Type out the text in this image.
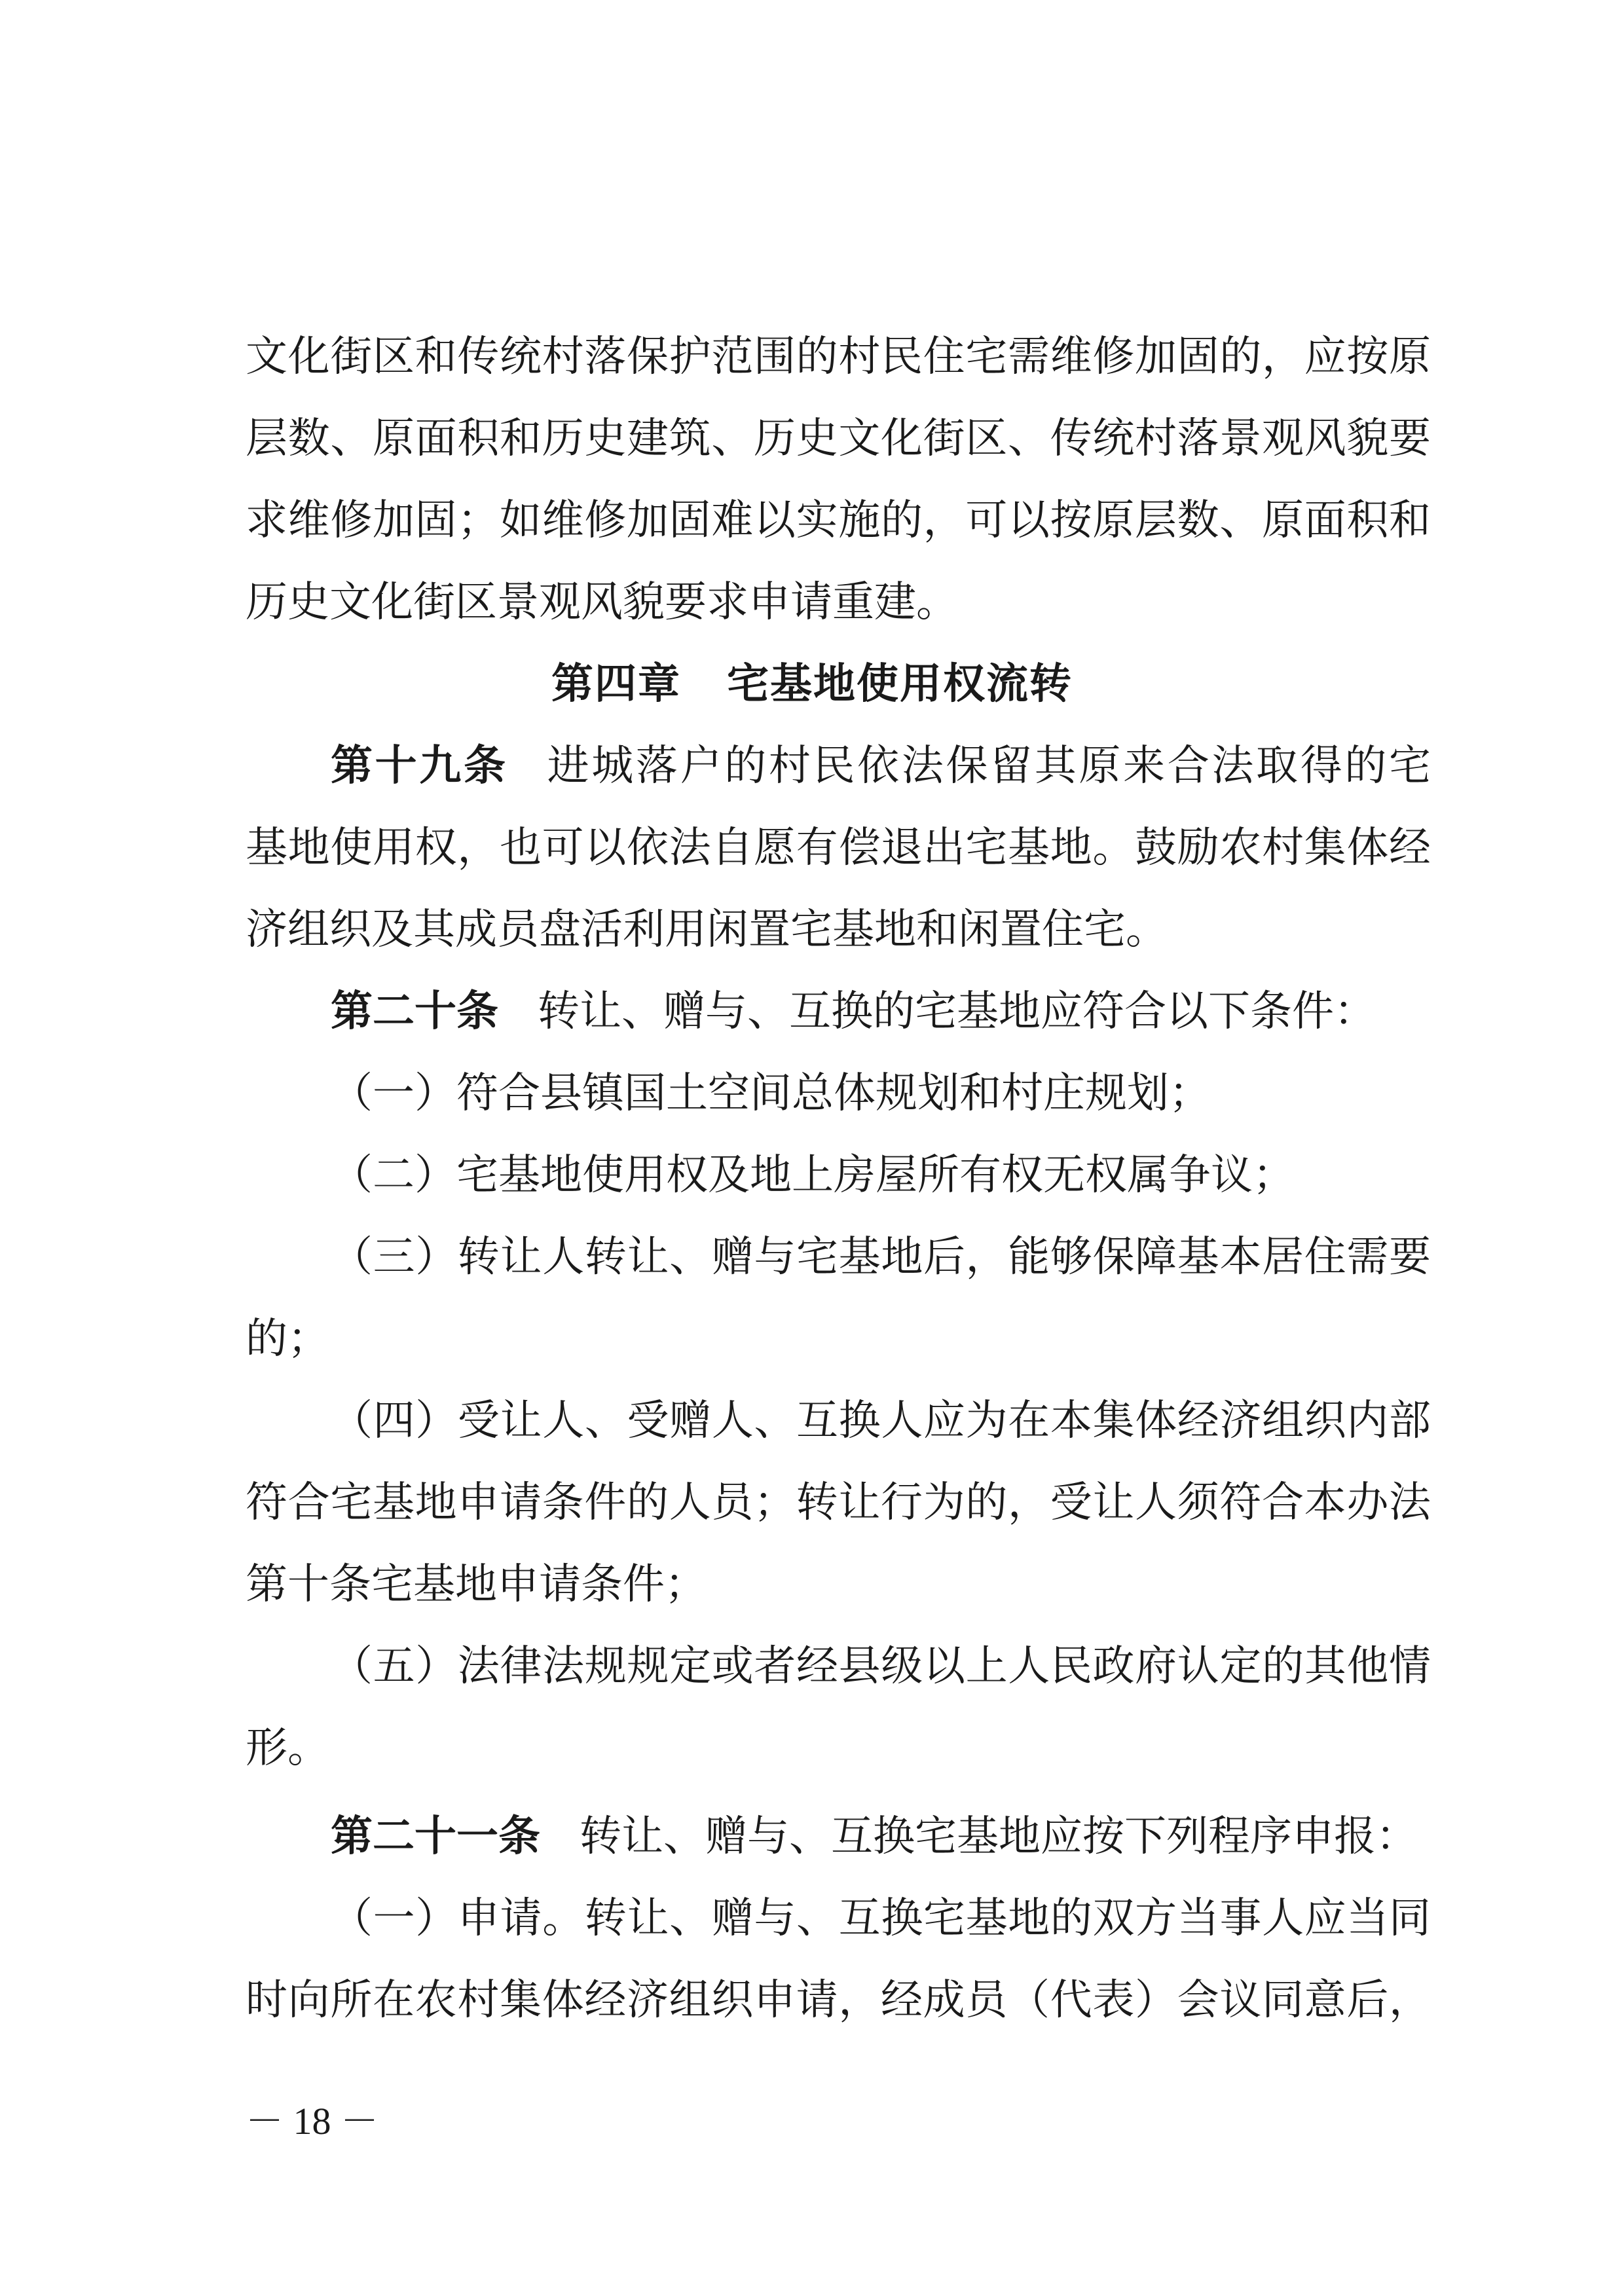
文化街区和传统村落保护范围的村民住宅需维修加固的，应按原
层数、原面积和历史建筑、历史文化街区、传统村落景观风貌要
求维修加固；如维修加固难以实施的，可以按原层数、原面积和
历史文化街区景观风貌要求申请重建。
第四章 宅基地使用权流转
第十九条 进城落户的村民依法保留其原来合法取得的宅
基地使用权，也可以依法自愿有偿退出宅基地。鼓励农村集体经
济组织及其成员盘活利用闲置宅基地和闲置住宅。
第二十条 转让、赠与、互换的宅基地应符合以下条件：
（一）符合县镇国土空间总体规划和村庄规划；
（二）宅基地使用权及地上房屋所有权无权属争议；
（三）转让人转让、赠与宅基地后，能够保障基本居住需要
的；
（四）受让人、受赠人、互换人应为在本集体经济组织内部
符合宅基地申请条件的人员；转让行为的，受让人须符合本办法
第十条宅基地申请条件；
（五）法律法规规定或者经县级以上人民政府认定的其他情
形。
第二十一条 转让、赠与、互换宅基地应按下列程序申报：
（一）申请。转让、赠与、互换宅基地的双方当事人应当同
时向所在农村集体经济组织申请，经成员（代表）会议同意后，
－ 18 －
